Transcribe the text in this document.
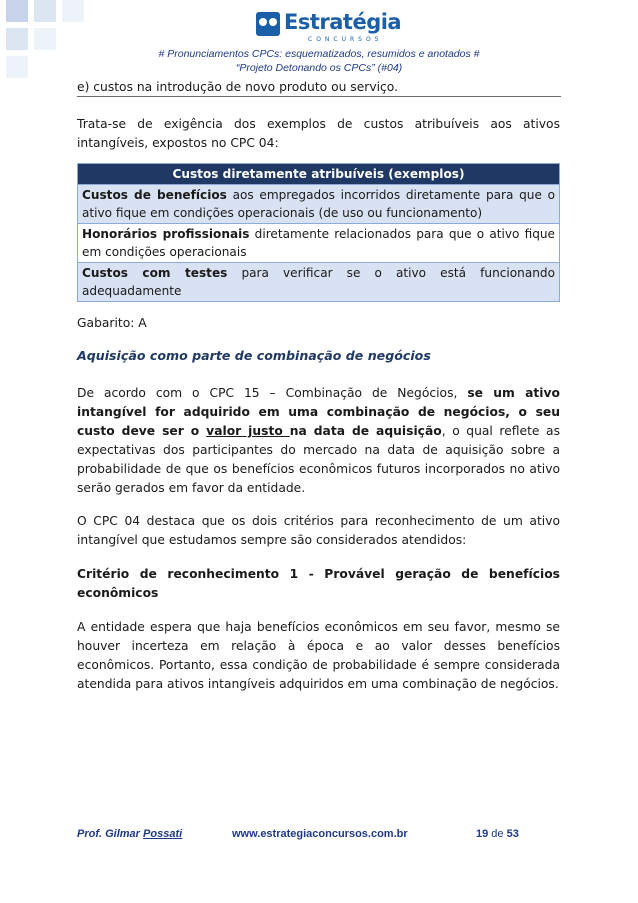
Estratégia
CONCURSOS
# Pronunciamentos CPCs: esquematizados, resumidos e anotados #
“Projeto Detonando os CPCs” (#04)
e) custos na introdução de novo produto ou serviço.
Trata-se de exigência dos exemplos de custos atribuíveis aos ativos intangíveis, expostos no CPC 04:
Custos diretamente atribuíveis (exemplos)
Custos de benefícios aos empregados incorridos diretamente para que o ativo fique em condições operacionais (de uso ou funcionamento)
Honorários profissionais diretamente relacionados para que o ativo fique em condições operacionais
Custos com testes para verificar se o ativo está funcionando adequadamente
Gabarito: A
Aquisição como parte de combinação de negócios
De acordo com o CPC 15 – Combinação de Negócios, se um ativo intangível for adquirido em uma combinação de negócios, o seu custo deve ser o valor justo na data de aquisição, o qual reflete as expectativas dos participantes do mercado na data de aquisição sobre a probabilidade de que os benefícios econômicos futuros incorporados no ativo serão gerados em favor da entidade.
O CPC 04 destaca que os dois critérios para reconhecimento de um ativo intangível que estudamos sempre são considerados atendidos:
Critério de reconhecimento 1 - Provável geração de benefícios econômicos
A entidade espera que haja benefícios econômicos em seu favor, mesmo se houver incerteza em relação à época e ao valor desses benefícios econômicos. Portanto, essa condição de probabilidade é sempre considerada atendida para ativos intangíveis adquiridos em uma combinação de negócios.
Prof. Gilmar Possati	www.estrategiaconcursos.com.br	19 de 53
